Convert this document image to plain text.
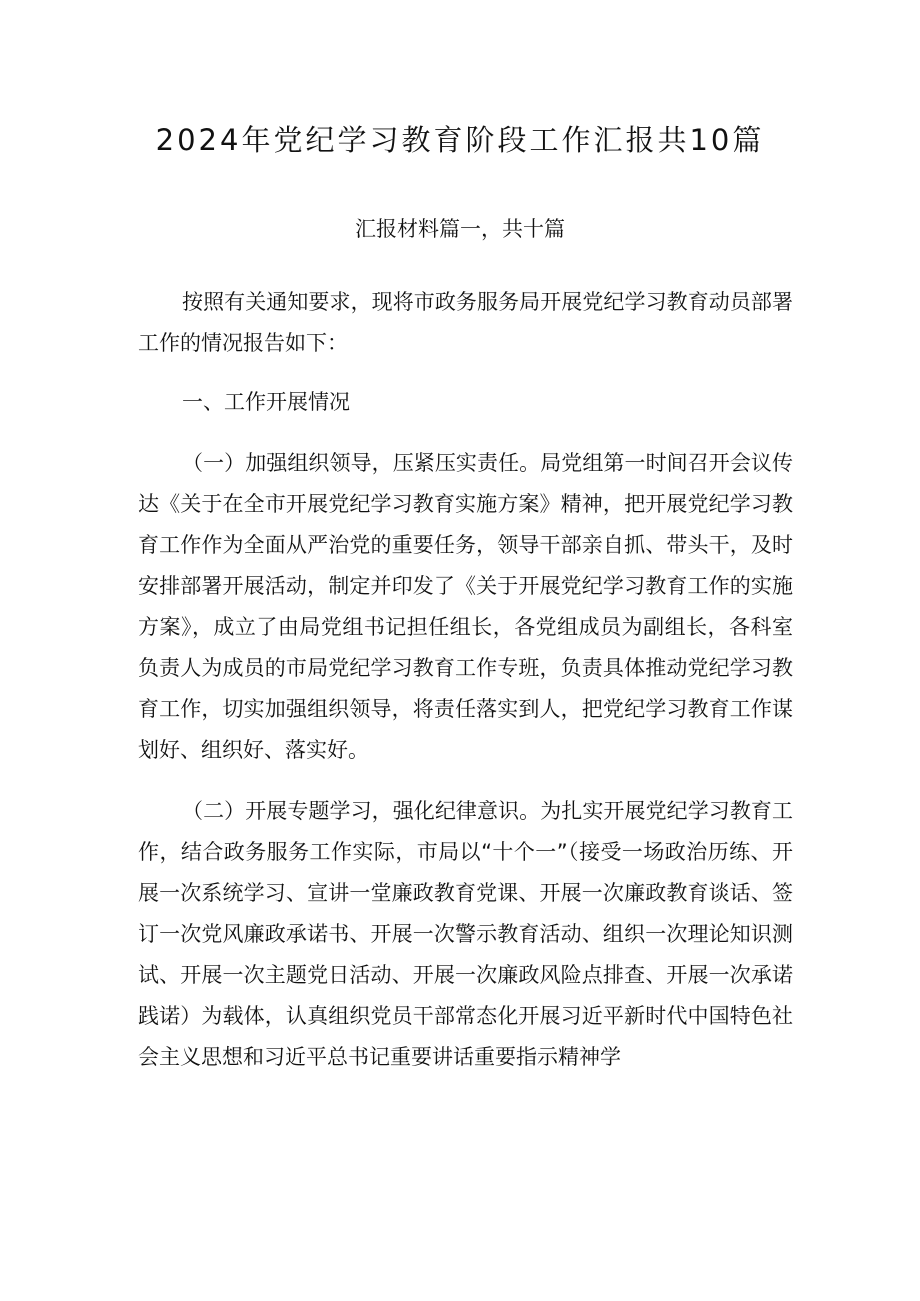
2024年党纪学习教育阶段工作汇报共10篇
汇报材料篇一，共十篇

按照有关通知要求，现将市政务服务局开展党纪学习教育动员部署工作的情况报告如下：

一、工作开展情况

（一）加强组织领导，压紧压实责任。局党组第一时间召开会议传达《关于在全市开展党纪学习教育实施方案》精神，把开展党纪学习教育工作作为全面从严治党的重要任务，领导干部亲自抓、带头干，及时安排部署开展活动，制定并印发了《关于开展党纪学习教育工作的实施方案》，成立了由局党组书记担任组长，各党组成员为副组长，各科室负责人为成员的市局党纪学习教育工作专班，负责具体推动党纪学习教育工作，切实加强组织领导，将责任落实到人，把党纪学习教育工作谋划好、组织好、落实好。

（二）开展专题学习，强化纪律意识。为扎实开展党纪学习教育工作，结合政务服务工作实际，市局以“十个一”（接受一场政治历练、开展一次系统学习、宣讲一堂廉政教育党课、开展一次廉政教育谈话、签订一次党风廉政承诺书、开展一次警示教育活动、组织一次理论知识测试、开展一次主题党日活动、开展一次廉政风险点排查、开展一次承诺践诺）为载体，认真组织党员干部常态化开展习近平新时代中国特色社会主义思想和习近平总书记重要讲话重要指示精神学
